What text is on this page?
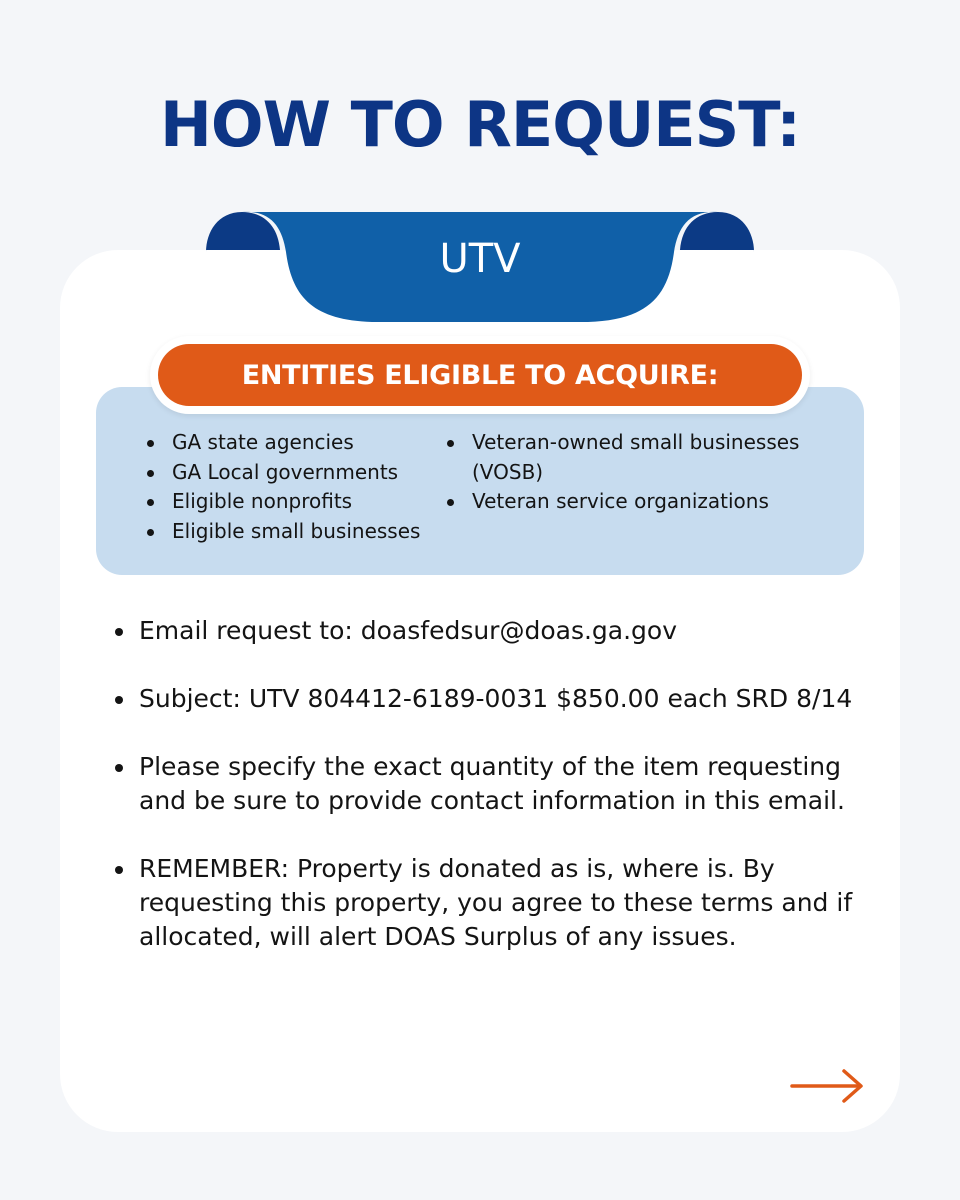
HOW TO REQUEST:
UTV
ENTITIES ELIGIBLE TO ACQUIRE:
GA state agencies
GA Local governments
Eligible nonprofits
Eligible small businesses
Veteran-owned small businesses (VOSB)
Veteran service organizations
Email request to: doasfedsur@doas.ga.gov
Subject: UTV 804412-6189-0031 $850.00 each SRD 8/14
Please specify the exact quantity of the item requesting and be sure to provide contact information in this email.
REMEMBER: Property is donated as is, where is. By requesting this property, you agree to these terms and if allocated, will alert DOAS Surplus of any issues.
